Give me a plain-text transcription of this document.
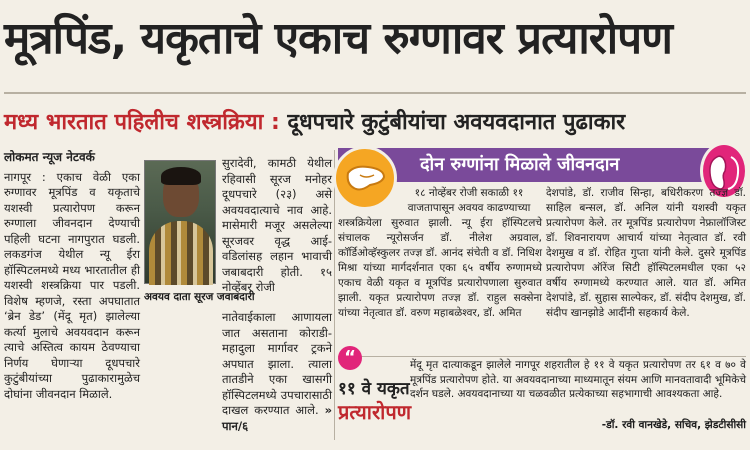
मूत्रपिंड, यकृताचे एकाच रुग्णावर प्रत्यारोपण
मध्य भारतात पहिलीच शस्त्रक्रिया : दूधपचारे कुटुंबीयांचा अवयवदानात पुढाकार
लोकमत न्यूज नेटवर्क
नागपूर : एकाच वेळी एका रुग्णावर मूत्रपिंड व यकृताचे यशस्वी प्रत्यारोपण करून रुग्णाला जीवनदान देण्याची पहिली घटना नागपुरात घडली. लकडगंज येथील न्यू ईरा हॉस्पिटलमध्ये मध्य भारतातील ही यशस्वी शस्त्रक्रिया पार पडली. विशेष म्हणजे, रस्ता अपघातात ‘ब्रेन डेड’ (मेंदू मृत) झालेल्या कर्त्या मुलाचे अवयवदान करून त्याचे अस्तित्व कायम ठेवण्याचा निर्णय घेणाऱ्या दूधपचारे कुटुंबीयांच्या पुढाकारामुळेच दोघांना जीवनदान मिळाले.
अवयव दाता सूरज जवाबदारी
सुरादेवी, कामठी येथील रहिवासी सूरज मनोहर दूधपचारे (२३) असे अवयवदात्याचे नाव आहे. मासेमारी मजूर असलेल्या सूरजवर वृद्ध आई-वडिलांसह लहान भावाची जबाबदारी होती. १५ नोव्हेंबर रोजी
नातेवाईकाला आणायला जात असताना कोराडी-महादुला मार्गावर ट्रकने अपघात झाला. त्याला तातडीने एका खासगी हॉस्पिटलमध्ये उपचारासाठी दाखल करण्यात आले. » पान/६
दोन रुग्णांना मिळाले जीवनदान
१८ नोव्हेंबर रोजी सकाळी ११ वाजतापासून अवयव काढण्याच्या
शस्त्रक्रियेला सुरुवात झाली. न्यू ईरा हॉस्पिटलचे संचालक न्यूरोसर्जन डॉ. नीलेश अग्रवाल, कॉर्डिओव्हॅस्कुलर तज्ज्ञ डॉ. आनंद संचेती व डॉ. निधिश मिश्रा यांच्या मार्गदर्शनात एका ६५ वर्षीय रुग्णामध्ये एकाच वेळी यकृत व मूत्रपिंड प्रत्यारोपणाला सुरुवात झाली. यकृत प्रत्यारोपण तज्ज्ञ डॉ. राहुल सक्सेना यांच्या नेतृत्वात डॉ. वरुण महाबळेश्वर, डॉ. अमित
देशपांडे, डॉ. राजीव सिन्हा, बधिरीकरण तज्ज्ञ डॉ. साहिल बन्सल, डॉ. अनिल यांनी यशस्वी यकृत प्रत्यारोपण केले. तर मूत्रपिंड प्रत्यारोपण नेफ्रालॉजिस्ट डॉ. शिवनारायण आचार्य यांच्या नेतृत्वात डॉ. रवी देशमुख व डॉ. रोहित गुप्ता यांनी केले. दुसरे मूत्रपिंड प्रत्यारोपण ऑरेंज सिटी हॉस्पिटलमधील एका ५२ वर्षीय रुग्णामध्ये करण्यात आले. यात डॉ. अमित देशपांडे, डॉ. सुहास साल्पेकर, डॉ. संदीप देशमुख, डॉ. संदीप खानझोडे आदींनी सहकार्य केले.
“
११ वे यकृत
प्रत्यारोपण
मेंदू मृत दात्याकडून झालेले नागपूर शहरातील हे ११ वे यकृत प्रत्यारोपण तर ६१ व ७० वे मूत्रपिंड प्रत्यारोपण होते. या अवयवदानाच्या माध्यमातून संयम आणि मानवतावादी भूमिकेचे दर्शन घडले. अवयवदानाच्या या चळवळीत प्रत्येकाच्या सहभागाची आवश्यकता आहे.
-डॉ. रवी वानखेडे, सचिव, झेडटीसीसी
